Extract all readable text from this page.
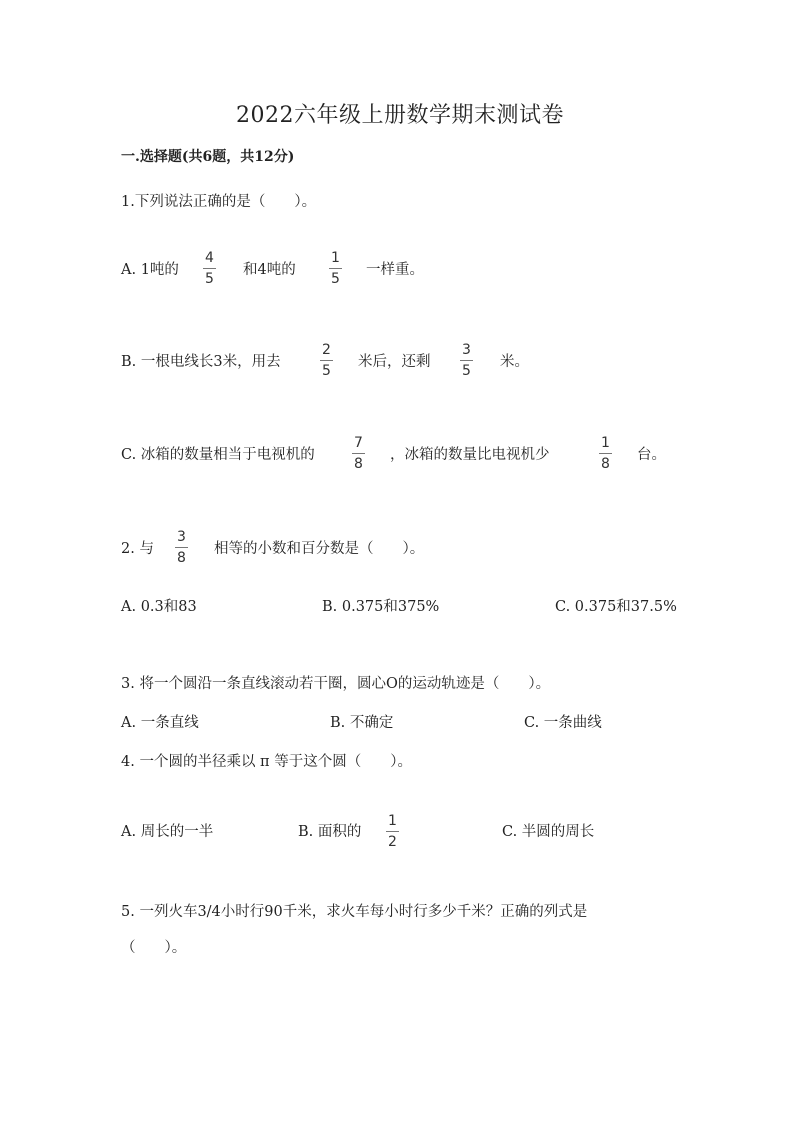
2022六年级上册数学期末测试卷
一.选择题(共6题，共12分)
1.下列说法正确的是（　　）。
A. 1吨的 $\frac{4}{5}$ 和4吨的 $\frac{1}{5}$ 一样重。
B. 一根电线长3米，用去	$\frac{2}{5}$ 米后，还剩 $\frac{3}{5}$ 米。
C. 冰箱的数量相当于电视机的	$\frac{7}{8}$ ，冰箱的数量比电视机少	$\frac{1}{8}$ 台。
2. 与 $\frac{3}{8}$ 相等的小数和百分数是（　　）。
A. 0.3和83	B. 0.375和375%	C. 0.375和37.5%
3. 将一个圆沿一条直线滚动若干圈，圆心O的运动轨迹是（　　）。
A. 一条直线	B. 不确定	C. 一条曲线
4. 一个圆的半径乘以 π 等于这个圆（　　）。
A. 周长的一半	B. 面积的 $\frac{1}{2}$	C. 半圆的周长
5. 一列火车3/4小时行90千米，求火车每小时行多少千米？正确的列式是
（　　）。
